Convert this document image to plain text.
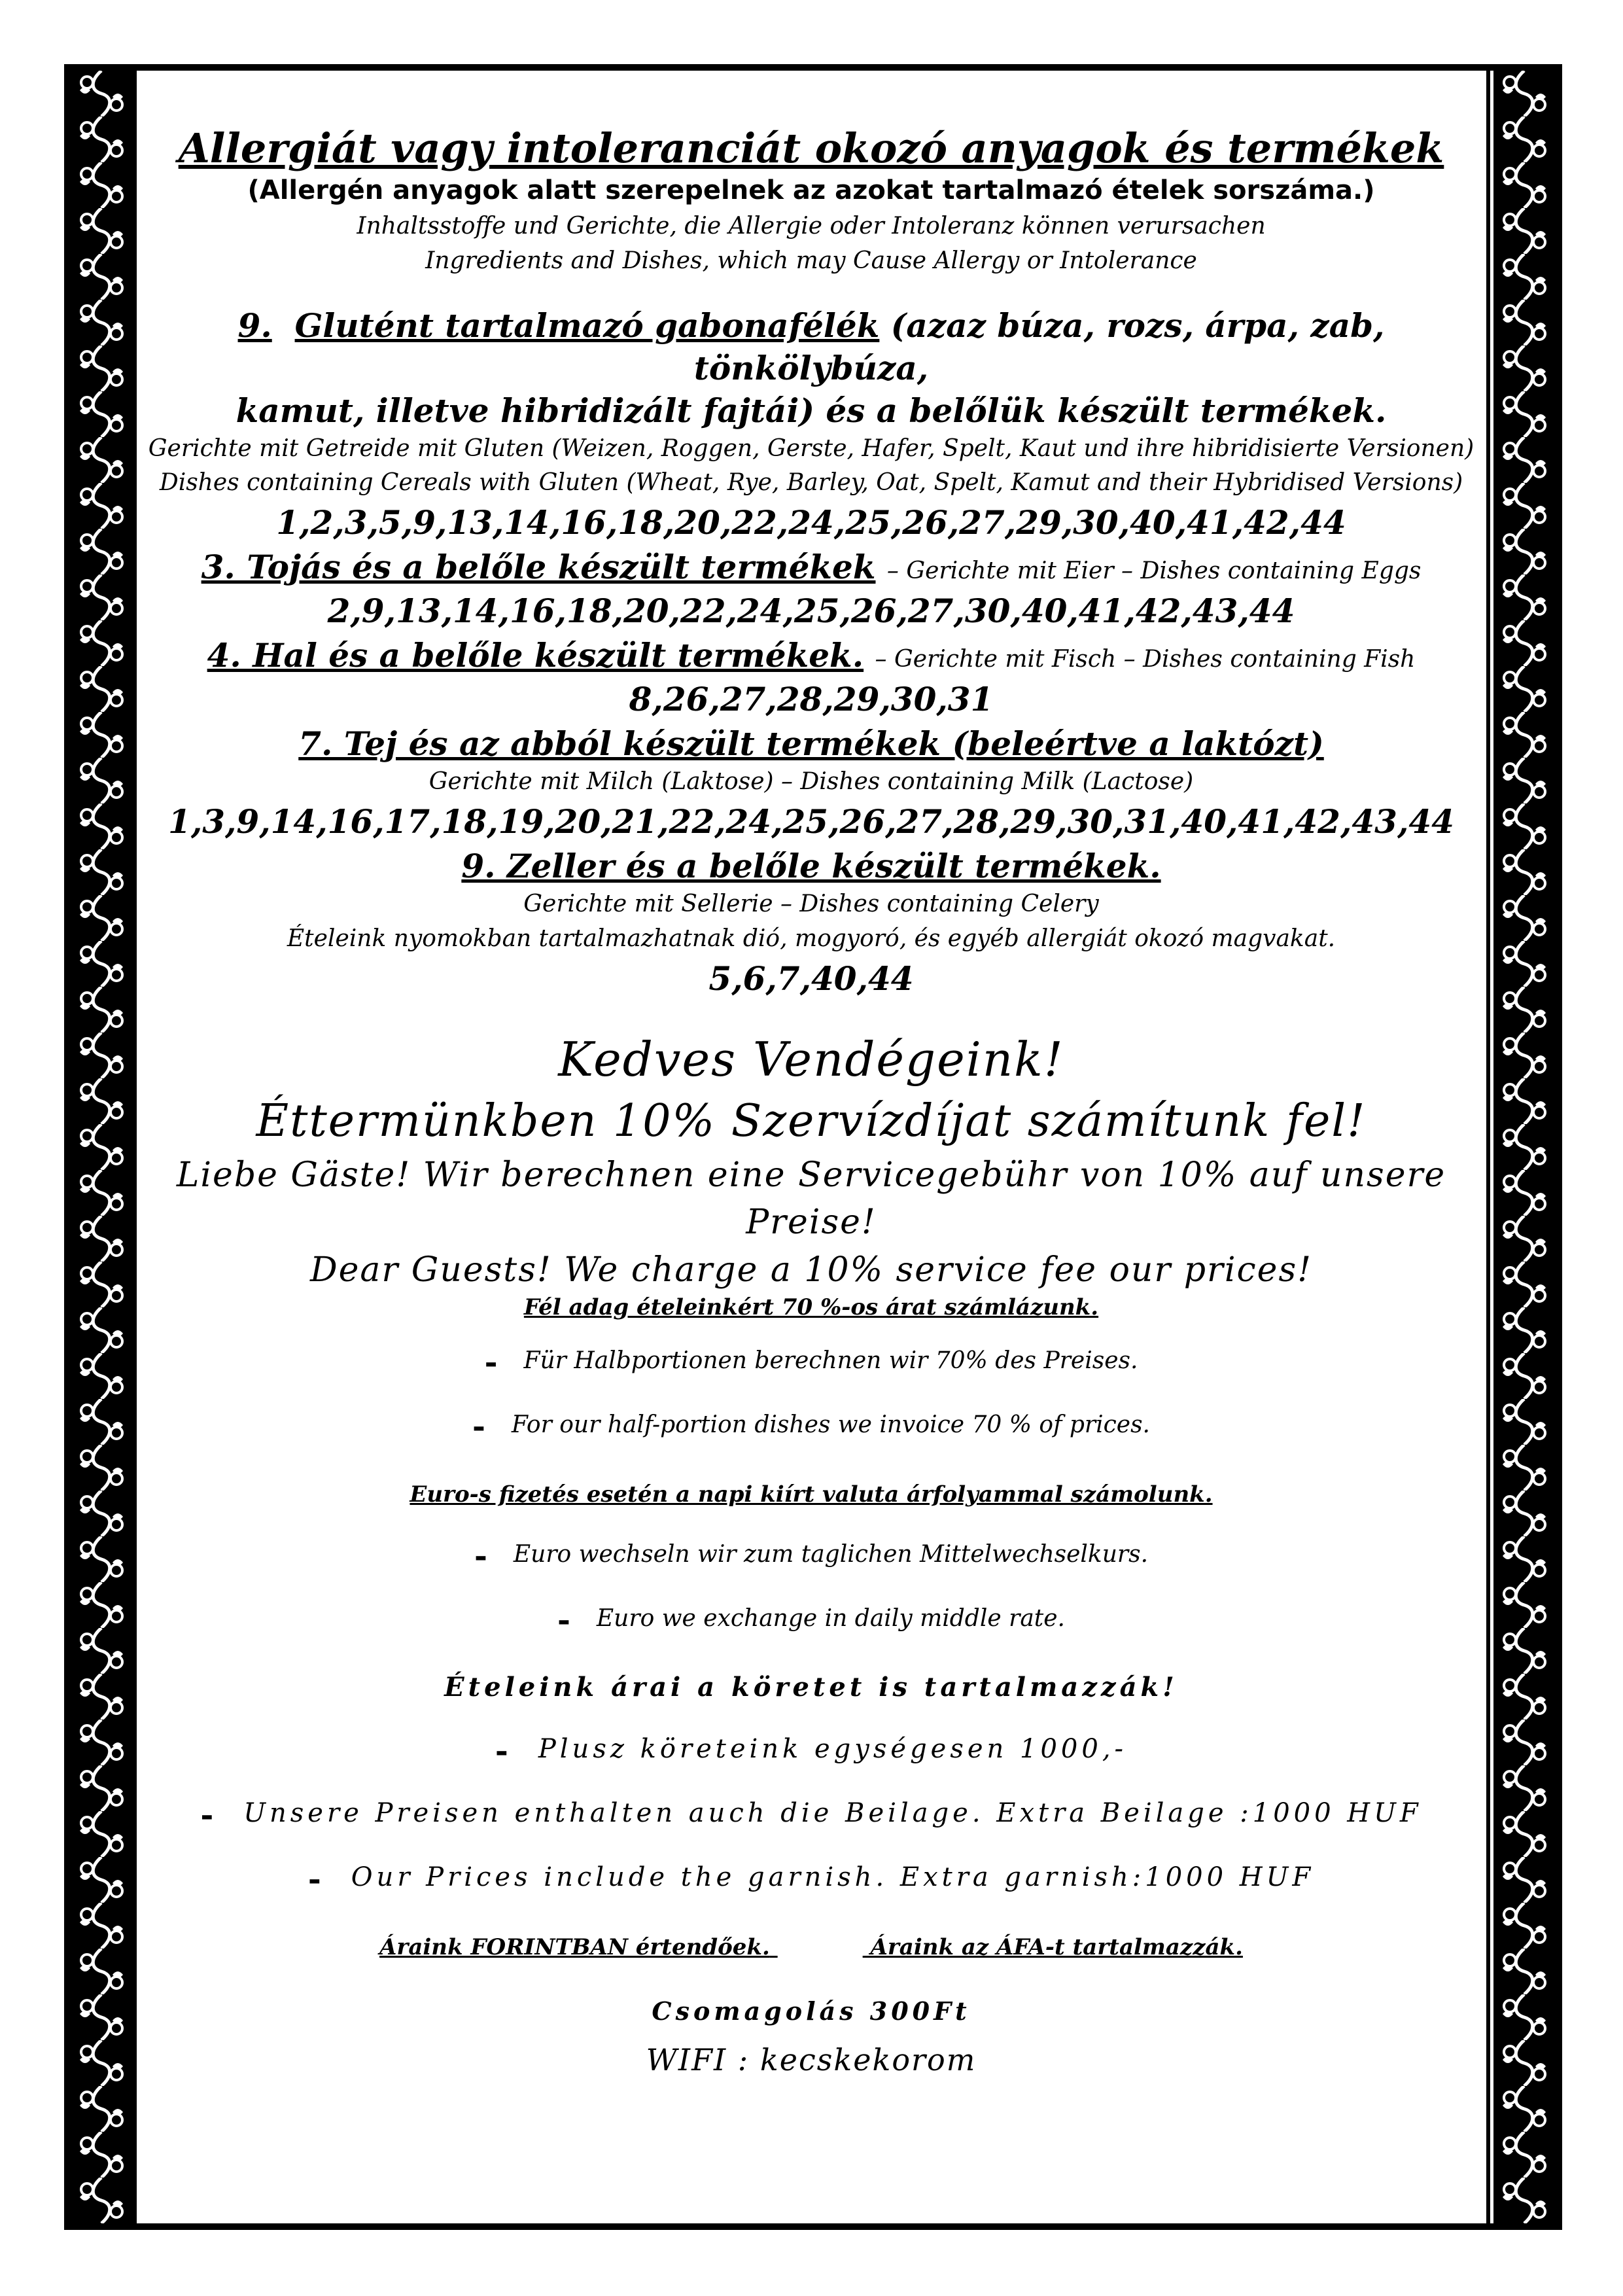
Allergiát vagy intoleranciát okozó anyagok és termékek
(Allergén anyagok alatt szerepelnek az azokat tartalmazó ételek sorszáma.)
Inhaltsstoffe und Gerichte, die Allergie oder Intoleranz können verursachen
Ingredients and Dishes, which may Cause Allergy or Intolerance
9. Glutént tartalmazó gabonafélék (azaz búza, rozs, árpa, zab, tönkölybúza,
kamut, illetve hibridizált fajtái) és a belőlük készült termékek.
Gerichte mit Getreide mit Gluten (Weizen, Roggen, Gerste, Hafer, Spelt, Kaut und ihre hibridisierte Versionen)
Dishes containing Cereals with Gluten (Wheat, Rye, Barley, Oat, Spelt, Kamut and their Hybridised Versions)
1,2,3,5,9,13,14,16,18,20,22,24,25,26,27,29,30,40,41,42,44
3. Tojás és a belőle készült termékek – Gerichte mit Eier – Dishes containing Eggs
2,9,13,14,16,18,20,22,24,25,26,27,30,40,41,42,43,44
4. Hal és a belőle készült termékek. – Gerichte mit Fisch – Dishes containing Fish
8,26,27,28,29,30,31
7. Tej és az abból készült termékek (beleértve a laktózt)
Gerichte mit Milch (Laktose) – Dishes containing Milk (Lactose)
1,3,9,14,16,17,18,19,20,21,22,24,25,26,27,28,29,30,31,40,41,42,43,44
9. Zeller és a belőle készült termékek.
Gerichte mit Sellerie – Dishes containing Celery
Ételeink nyomokban tartalmazhatnak dió, mogyoró, és egyéb allergiát okozó magvakat.
5,6,7,40,44
Kedves Vendégeink!
Éttermünkben 10% Szervízdíjat számítunk fel!
Liebe Gäste! Wir berechnen eine Servicegebühr von 10% auf unsere Preise!
Dear Guests! We charge a 10% service fee our prices!
Fél adag ételeinkért 70 %-os árat számlázunk.
- Für Halbportionen berechnen wir 70% des Preises.
- For our half-portion dishes we invoice 70 % of prices.
Euro-s fizetés esetén a napi kiírt valuta árfolyammal számolunk.
- Euro wechseln wir zum taglichen Mittelwechselkurs.
- Euro we exchange in daily middle rate.
Ételeink árai a köretet is tartalmazzák!
- Plusz köreteink egységesen 1000,-
- Unsere Preisen enthalten auch die Beilage. Extra Beilage :1000 HUF
- Our Prices include the garnish. Extra garnish:1000 HUF
Áraink FORINTBAN értendőek.	Áraink az ÁFA-t tartalmazzák.
Csomagolás 300Ft
WIFI : kecskekorom
